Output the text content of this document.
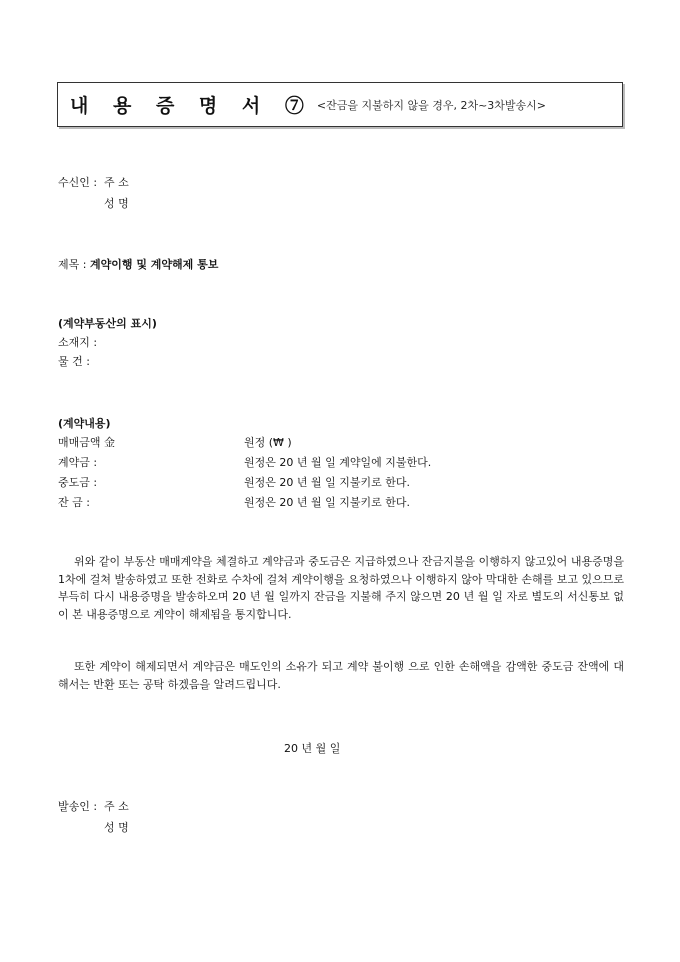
내 용 증 명 서 ⑦ <잔금을 지불하지 않을 경우, 2차~3차발송시>
수신인 : 주 소
성 명
제목 : 계약이행 및 계약해제 통보
(계약부동산의 표시)
소재지 :
물 건 :
(계약내용)
매매금액 金	원정 (₩ )
계약금 :	원정은 20 년 월 일 계약일에 지불한다.
중도금 :	원정은 20 년 월 일 지불키로 한다.
잔 금 :	원정은 20 년 월 일 지불키로 한다.

위와 같이 부동산 매매계약을 체결하고 계약금과 중도금은 지급하였으나 잔금지불을 이행하지 않고있어 내용증명을 1차에 걸쳐 발송하였고 또한 전화로 수차에 걸쳐 계약이행을 요청하였으나 이행하지 않아 막대한 손해를 보고 있으므로 부득히 다시 내용증명을 발송하오며 20 년 월 일까지 잔금을 지불해 주지 않으면 20 년 월 일 자로 별도의 서신통보 없이 본 내용증명으로 계약이 해제됨을 통지합니다.

또한 계약이 해제되면서 계약금은 매도인의 소유가 되고 계약 불이행 으로 인한 손해액을 감액한 중도금 잔액에 대해서는 반환 또는 공탁 하겠음을 알려드립니다.

20 년 월 일
발송인 : 주 소
성 명
